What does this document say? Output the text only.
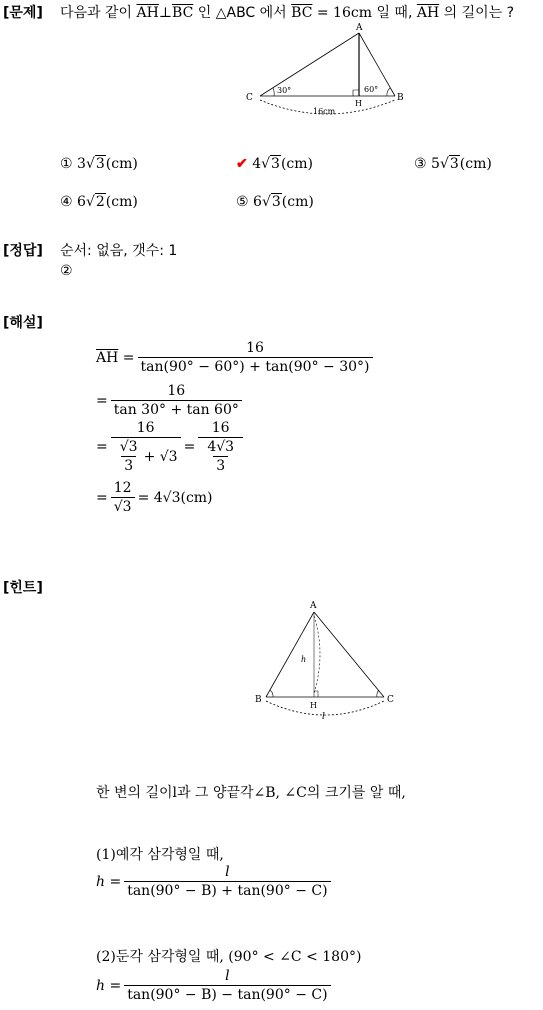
[문제] 다음과 같이 $\overline{AH}\perp\overline{BC}$ 인 △ABC 에서 $\overline{BC} = 16cm$ 일 때, $\overline{AH}$ 의 길이는 ?
A
C	B
H
30°	60°
16cm
① 3√3(cm)	✔ 4√3(cm)	③ 5√3(cm)
④ 6√2(cm)	⑤ 6√3(cm)
[정답] 순서: 없음, 갯수: 1
②
[해설]
$\overline{AH}$
= $\frac{16}{\tan(90^\circ - 60^\circ) + \tan(90^\circ - 30^\circ)}$
= $\frac{16}{\tan 30^\circ + \tan 60^\circ}$
= $\frac{16}{\frac{√3}{3} + √3} = \frac{16}{\frac{4√3}{3}}$
= $\frac{12}{√3} = 4√3(cm)$
[힌트]
A
B	C
H
h
l
한 변의 길이l과 그 양끝각∠B, ∠C의 크기를 알 때,
(1)예각 삼각형일 때,
$h = \frac{l}{\tan(90^\circ - B) + \tan(90^\circ - C)}$
(2)둔각 삼각형일 때, (90° < ∠C < 180°)
$h = \frac{l}{\tan(90^\circ - B) - \tan(90^\circ - C)}$
